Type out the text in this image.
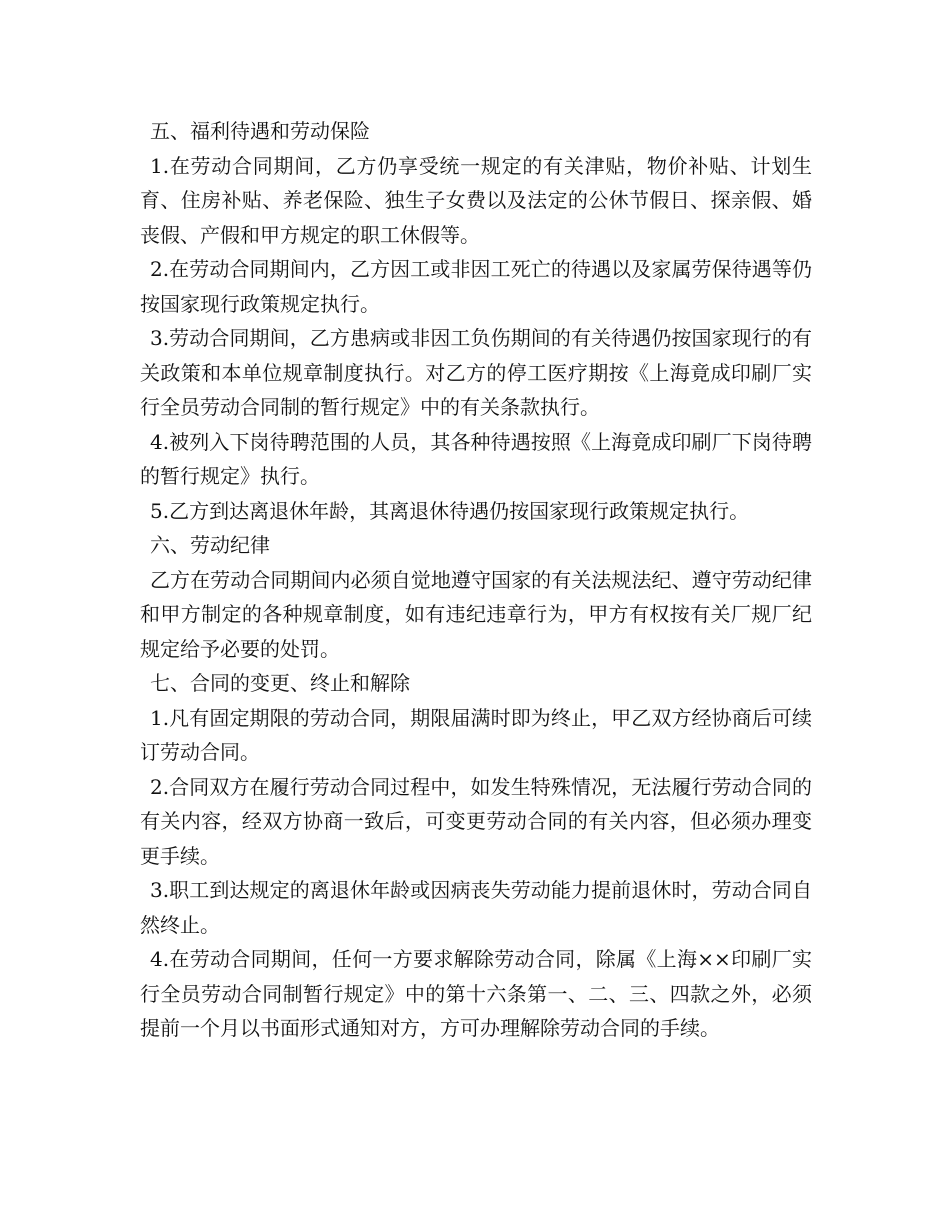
五、福利待遇和劳动保险

1.在劳动合同期间，乙方仍享受统一规定的有关津贴，物价补贴、计划生育、住房补贴、养老保险、独生子女费以及法定的公休节假日、探亲假、婚丧假、产假和甲方规定的职工休假等。

2.在劳动合同期间内，乙方因工或非因工死亡的待遇以及家属劳保待遇等仍按国家现行政策规定执行。

3.劳动合同期间，乙方患病或非因工负伤期间的有关待遇仍按国家现行的有关政策和本单位规章制度执行。对乙方的停工医疗期按《上海竟成印刷厂实行全员劳动合同制的暂行规定》中的有关条款执行。

4.被列入下岗待聘范围的人员，其各种待遇按照《上海竟成印刷厂下岗待聘的暂行规定》执行。

5.乙方到达离退休年龄，其离退休待遇仍按国家现行政策规定执行。

六、劳动纪律

乙方在劳动合同期间内必须自觉地遵守国家的有关法规法纪、遵守劳动纪律和甲方制定的各种规章制度，如有违纪违章行为，甲方有权按有关厂规厂纪规定给予必要的处罚。

七、合同的变更、终止和解除

1.凡有固定期限的劳动合同，期限届满时即为终止，甲乙双方经协商后可续订劳动合同。

2.合同双方在履行劳动合同过程中，如发生特殊情况，无法履行劳动合同的有关内容，经双方协商一致后，可变更劳动合同的有关内容，但必须办理变更手续。

3.职工到达规定的离退休年龄或因病丧失劳动能力提前退休时，劳动合同自然终止。

4.在劳动合同期间，任何一方要求解除劳动合同，除属《上海××印刷厂实行全员劳动合同制暂行规定》中的第十六条第一、二、三、四款之外，必须提前一个月以书面形式通知对方，方可办理解除劳动合同的手续。
